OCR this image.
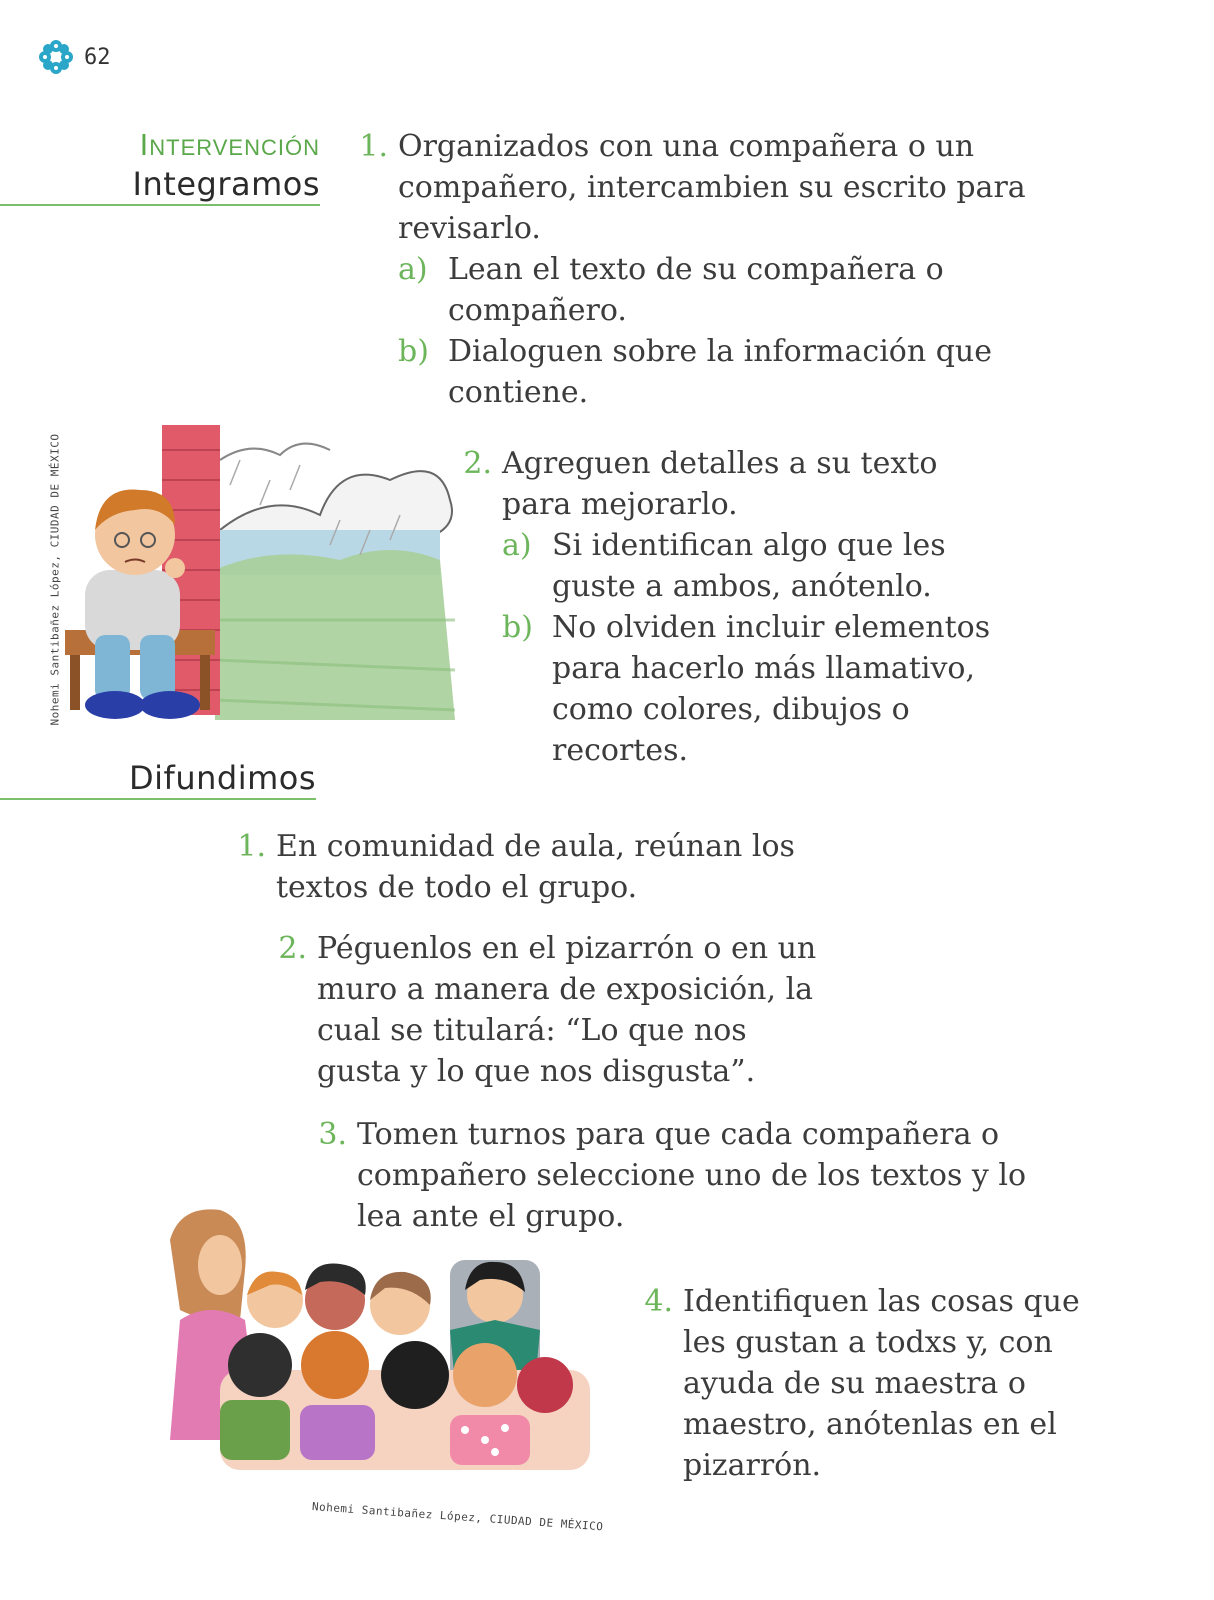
62
Intervención
Integramos
1. Organizados con una compañera o un compañero, intercambien su escrito para revisarlo.
a) Lean el texto de su compañera o compañero.
b) Dialoguen sobre la información que contiene.
Nohemi Santibañez López, CIUDAD DE MÉXICO	2. Agreguen detalles a su texto para mejorarlo.
a) Si identifican algo que les guste a ambos, anótenlo.
b) No olviden incluir elementos para hacerlo más llamativo, como colores, dibujos o recortes.
Difundimos
1. En comunidad de aula, reúnan los textos de todo el grupo.
2. Péguenlos en el pizarrón o en un muro a manera de exposición, la cual se titulará: “Lo que nos gusta y lo que nos disgusta”.
3. Tomen turnos para que cada compañera o compañero seleccione uno de los textos y lo lea ante el grupo.
4. Identifiquen las cosas que les gustan a todxs y, con ayuda de su maestra o maestro, anótenlas en el pizarrón.
Nohemi Santibañez López, CIUDAD DE MÉXICO
